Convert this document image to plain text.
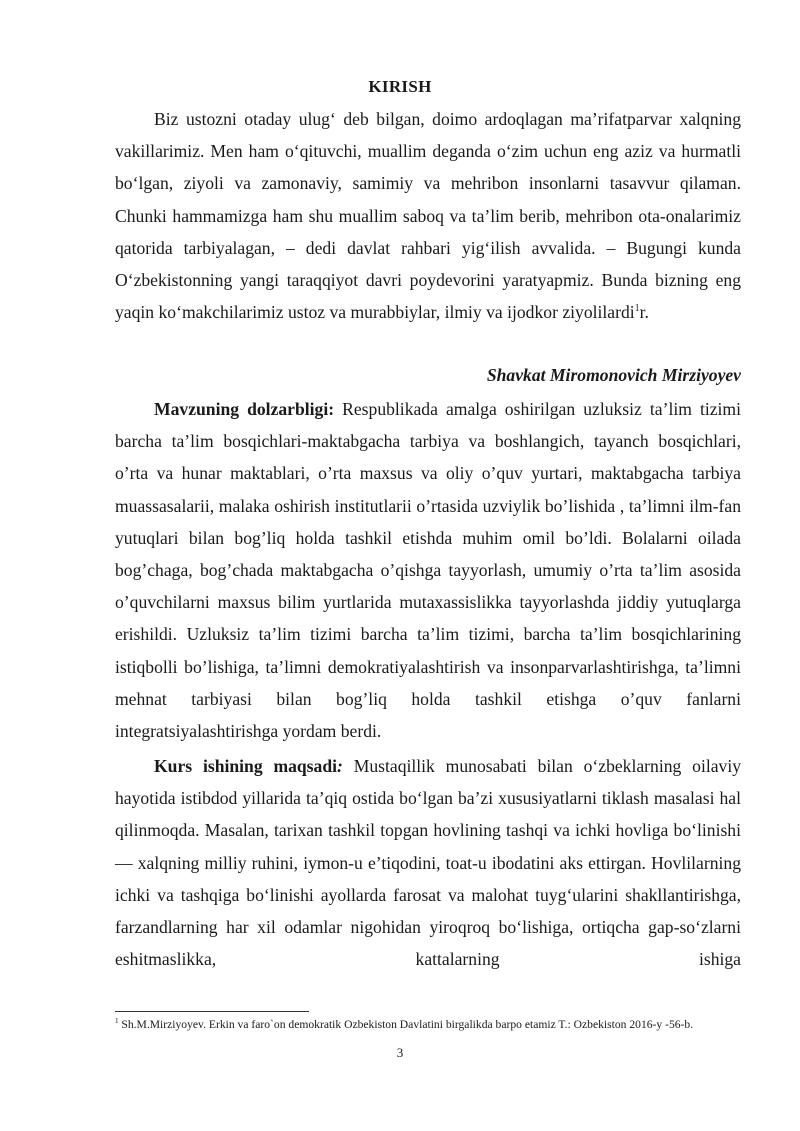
KIRISH
Biz ustozni otaday ulug‘ deb bilgan, doimo ardoqlagan ma’rifatparvar xalqning vakillarimiz. Men ham o‘qituvchi, muallim deganda o‘zim uchun eng aziz va hurmatli bo‘lgan, ziyoli va zamonaviy, samimiy va mehribon insonlarni tasavvur qilaman. Chunki hammamizga ham shu muallim saboq va ta’lim berib, mehribon ota-onalarimiz qatorida tarbiyalagan, – dedi davlat rahbari yig‘ilish avvalida. – Bugungi kunda O‘zbekistonning yangi taraqqiyot davri poydevorini yaratyapmiz. Bunda bizning eng yaqin ko‘makchilarimiz ustoz va murabbiylar, ilmiy va ijodkor ziyolilardi$^1$r.
Shavkat Miromonovich Mirziyoyev
Mavzuning dolzarbligi: Respublikada amalga oshirilgan uzluksiz ta’lim tizimi barcha ta’lim bosqichlari-maktabgacha tarbiya va boshlangich, tayanch bosqichlari, o’rta va hunar maktablari, o’rta maxsus va oliy o’quv yurtari, maktabgacha tarbiya muassasalarii, malaka oshirish institutlarii o’rtasida uzviylik bo’lishida , ta’limni ilm-fan yutuqlari bilan bog’liq holda tashkil etishda muhim omil bo’ldi. Bolalarni oilada bog’chaga, bog’chada maktabgacha o’qishga tayyorlash, umumiy o’rta ta’lim asosida o’quvchilarni maxsus bilim yurtlarida mutaxassislikka tayyorlashda jiddiy yutuqlarga erishildi. Uzluksiz ta’lim tizimi barcha ta’lim tizimi, barcha ta’lim bosqichlarining istiqbolli bo’lishiga, ta’limni demokratiyalashtirish va insonparvarlashtirishga, ta’limni mehnat tarbiyasi bilan bog’liq holda tashkil etishga o’quv fanlarni integratsiyalashtirishga yordam berdi.
Kurs ishining maqsadi: Mustaqillik munosabati bilan o‘zbeklarning oilaviy hayotida istibdod yillarida ta’qiq ostida bo‘lgan ba’zi xususiyatlarni tiklash masalasi hal qilinmoqda. Masalan, tarixan tashkil topgan hovlining tashqi va ichki hovliga bo‘linishi — xalqning milliy ruhini, iymon-u e’tiqodini, toat-u ibodatini aks ettirgan. Hovlilarning ichki va tashqiga bo‘linishi ayollarda farosat va malohat tuyg‘ularini shakllantirishga, farzandlarning har xil odamlar nigohidan yiroqroq bo‘lishiga, ortiqcha gap-so‘zlarni eshitmaslikka, kattalarning ishiga
$^1$ Sh.M.Mirziyoyev. Erkin va faro`on demokratik Ozbekiston Davlatini birgalikda barpo etamiz T.: Ozbekiston 2016-y -56-b.
3
